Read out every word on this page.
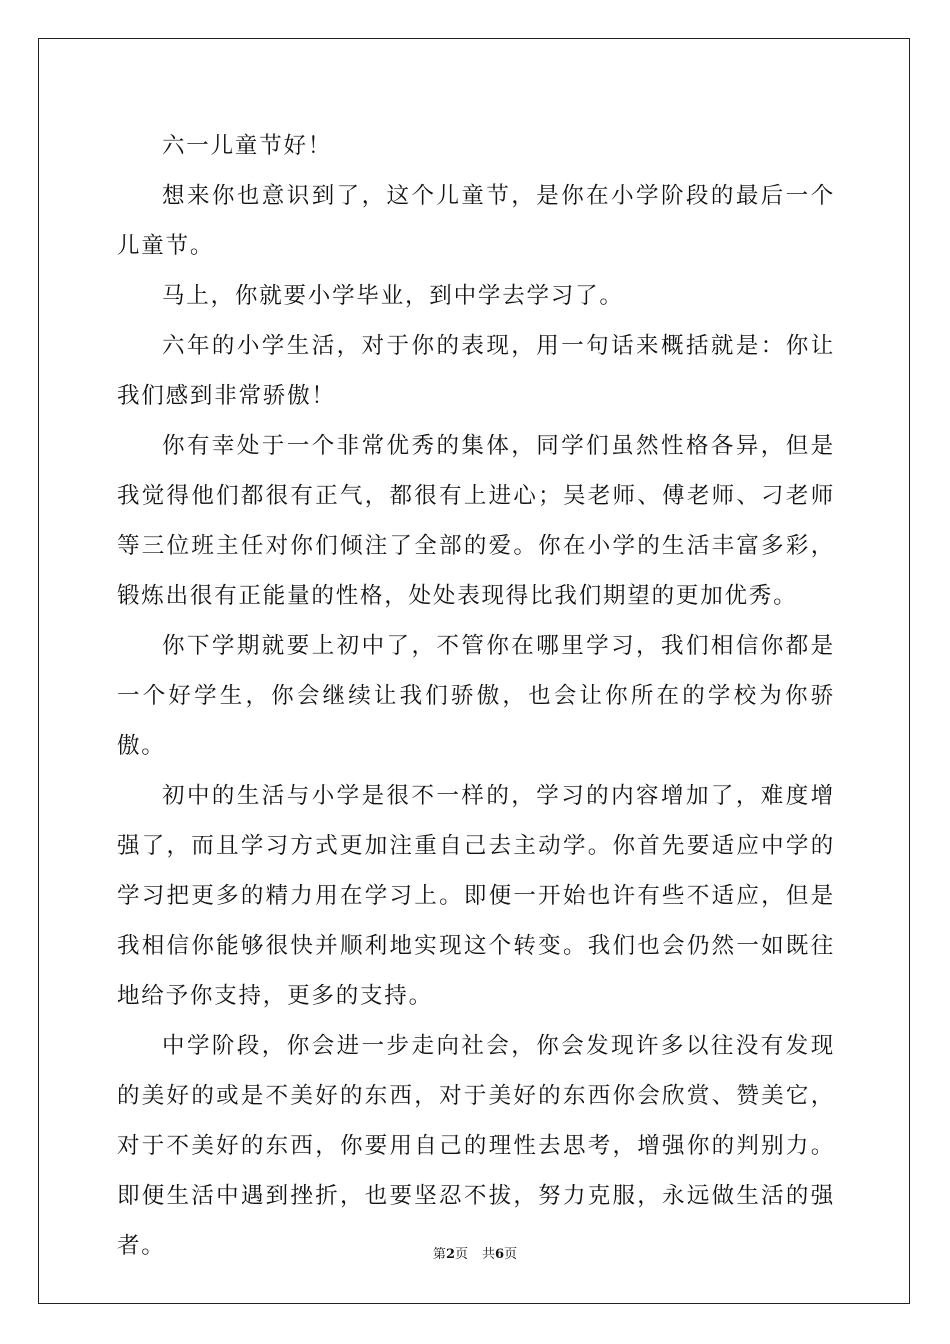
六一儿童节好！

想来你也意识到了，这个儿童节，是你在小学阶段的最后一个儿童节。

马上，你就要小学毕业，到中学去学习了。

六年的小学生活，对于你的表现，用一句话来概括就是：你让我们感到非常骄傲！

你有幸处于一个非常优秀的集体，同学们虽然性格各异，但是我觉得他们都很有正气，都很有上进心；吴老师、傅老师、刁老师等三位班主任对你们倾注了全部的爱。你在小学的生活丰富多彩，锻炼出很有正能量的性格，处处表现得比我们期望的更加优秀。

你下学期就要上初中了，不管你在哪里学习，我们相信你都是一个好学生，你会继续让我们骄傲，也会让你所在的学校为你骄傲。

初中的生活与小学是很不一样的，学习的内容增加了，难度增强了，而且学习方式更加注重自己去主动学。你首先要适应中学的学习把更多的精力用在学习上。即便一开始也许有些不适应，但是我相信你能够很快并顺利地实现这个转变。我们也会仍然一如既往地给予你支持，更多的支持。

中学阶段，你会进一步走向社会，你会发现许多以往没有发现的美好的或是不美好的东西，对于美好的东西你会欣赏、赞美它，对于不美好的东西，你要用自己的理性去思考，增强你的判别力。即便生活中遇到挫折，也要坚忍不拔，努力克服，永远做生活的强者。	第2页 共6页
